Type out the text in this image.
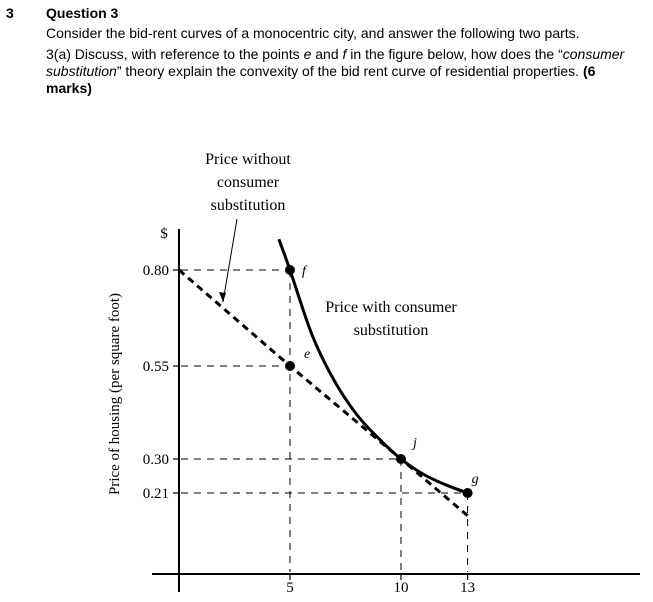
3 Question 3

Consider the bid-rent curves of a monocentric city, and answer the following two parts.

3(a) Discuss, with reference to the points e and f in the figure below, how does the “consumer substitution” theory explain the convexity of the bid rent curve of residential properties. (6 marks)

Price of housing (per square foot)
$
0.80
0.55
0.30
0.21
5	10	13
f
e
j
g
Price without
consumer
substitution
Price with consumer
substitution
